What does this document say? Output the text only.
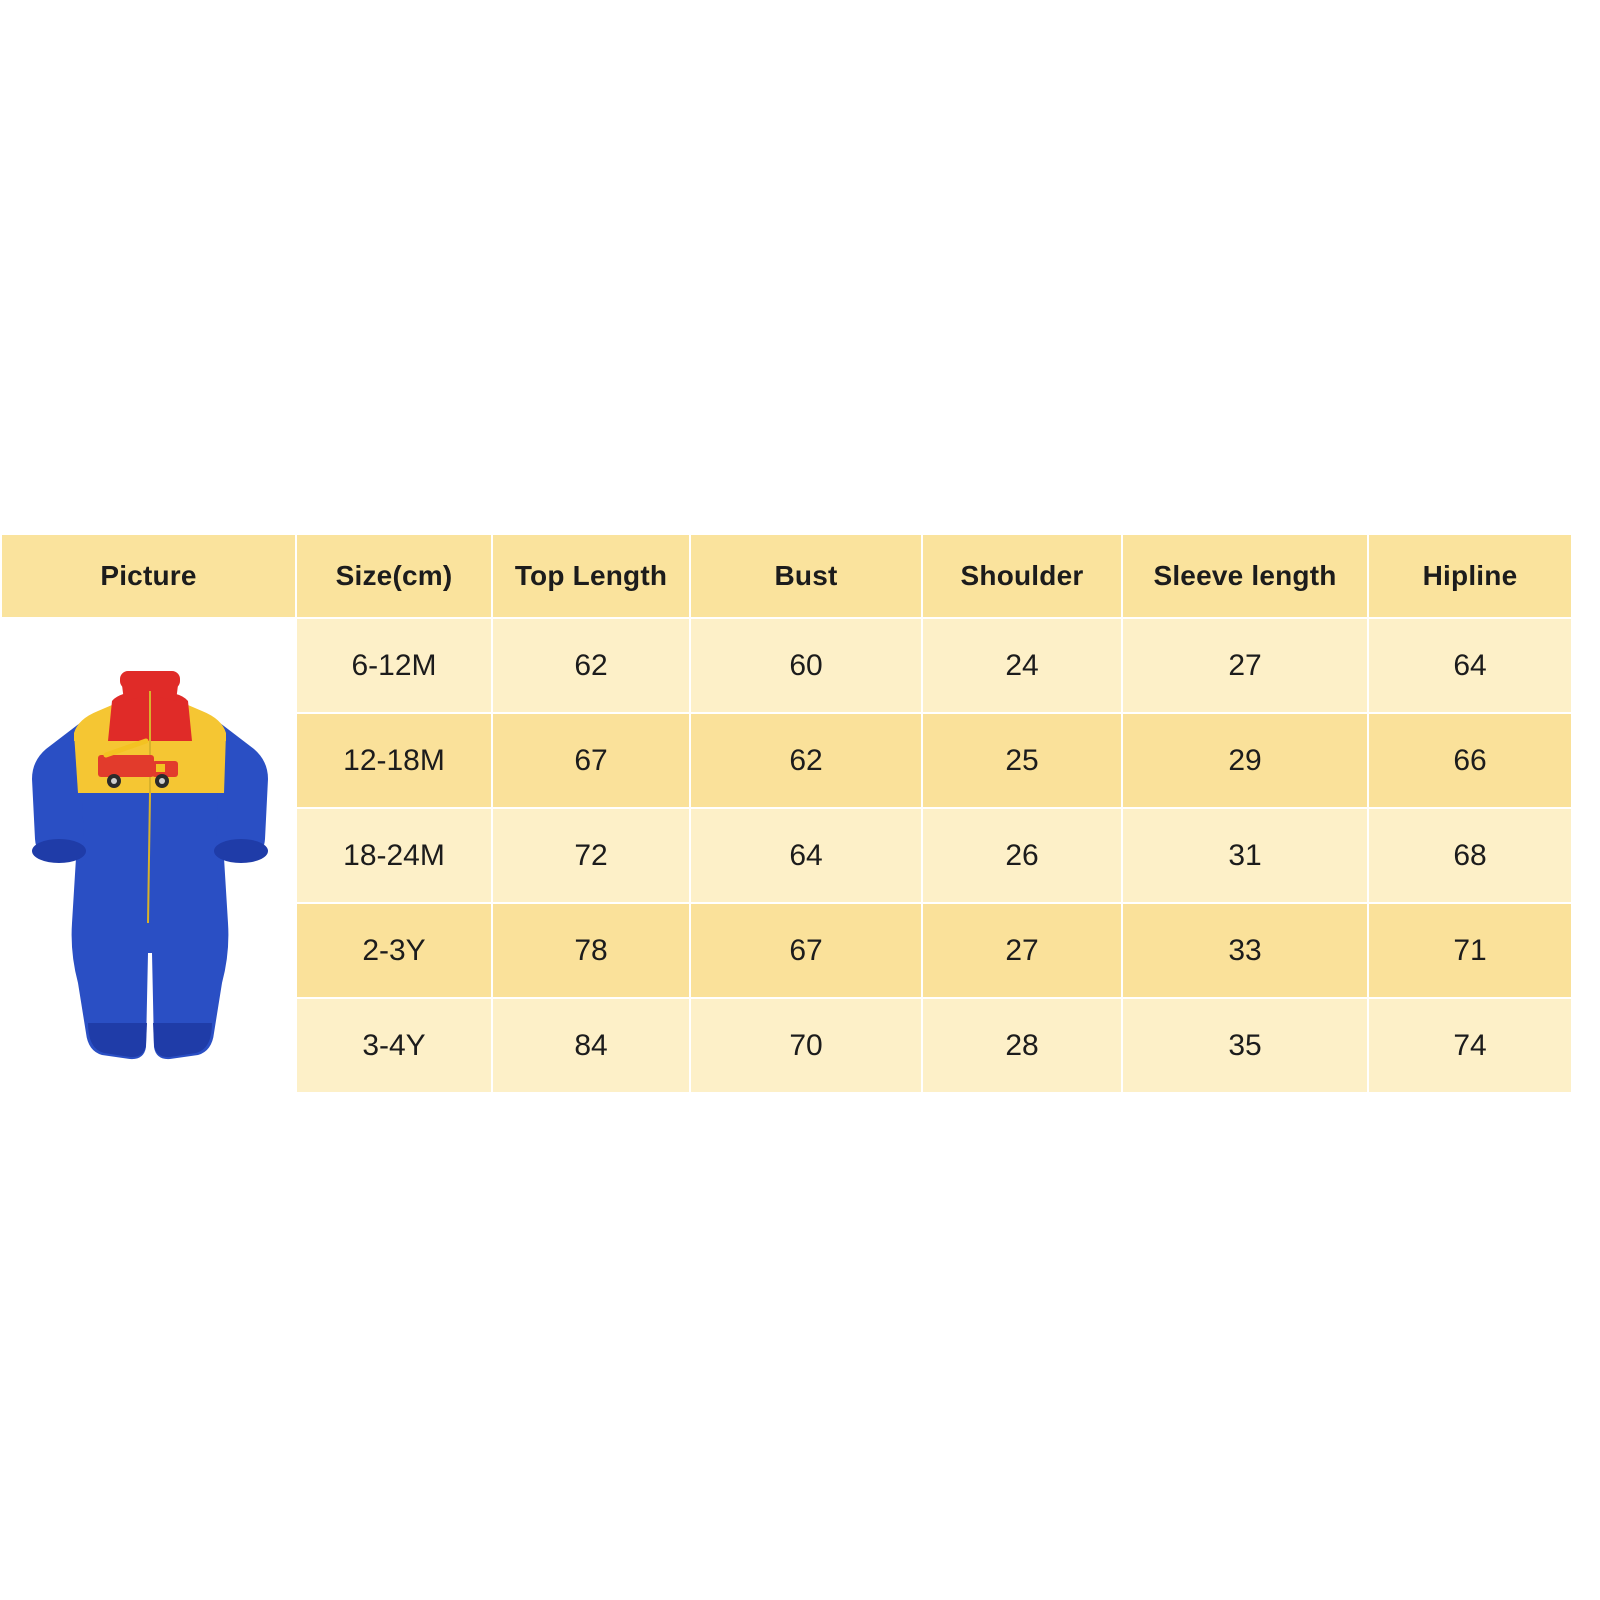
Picture	Size(cm)	Top Length	Bust	Shoulder	Sleeve length	Hipline

	6-12M	62	60	24	27	64
	12-18M	67	62	25	29	66
	18-24M	72	64	26	31	68
	2-3Y	78	67	27	33	71
	3-4Y	84	70	28	35	74
